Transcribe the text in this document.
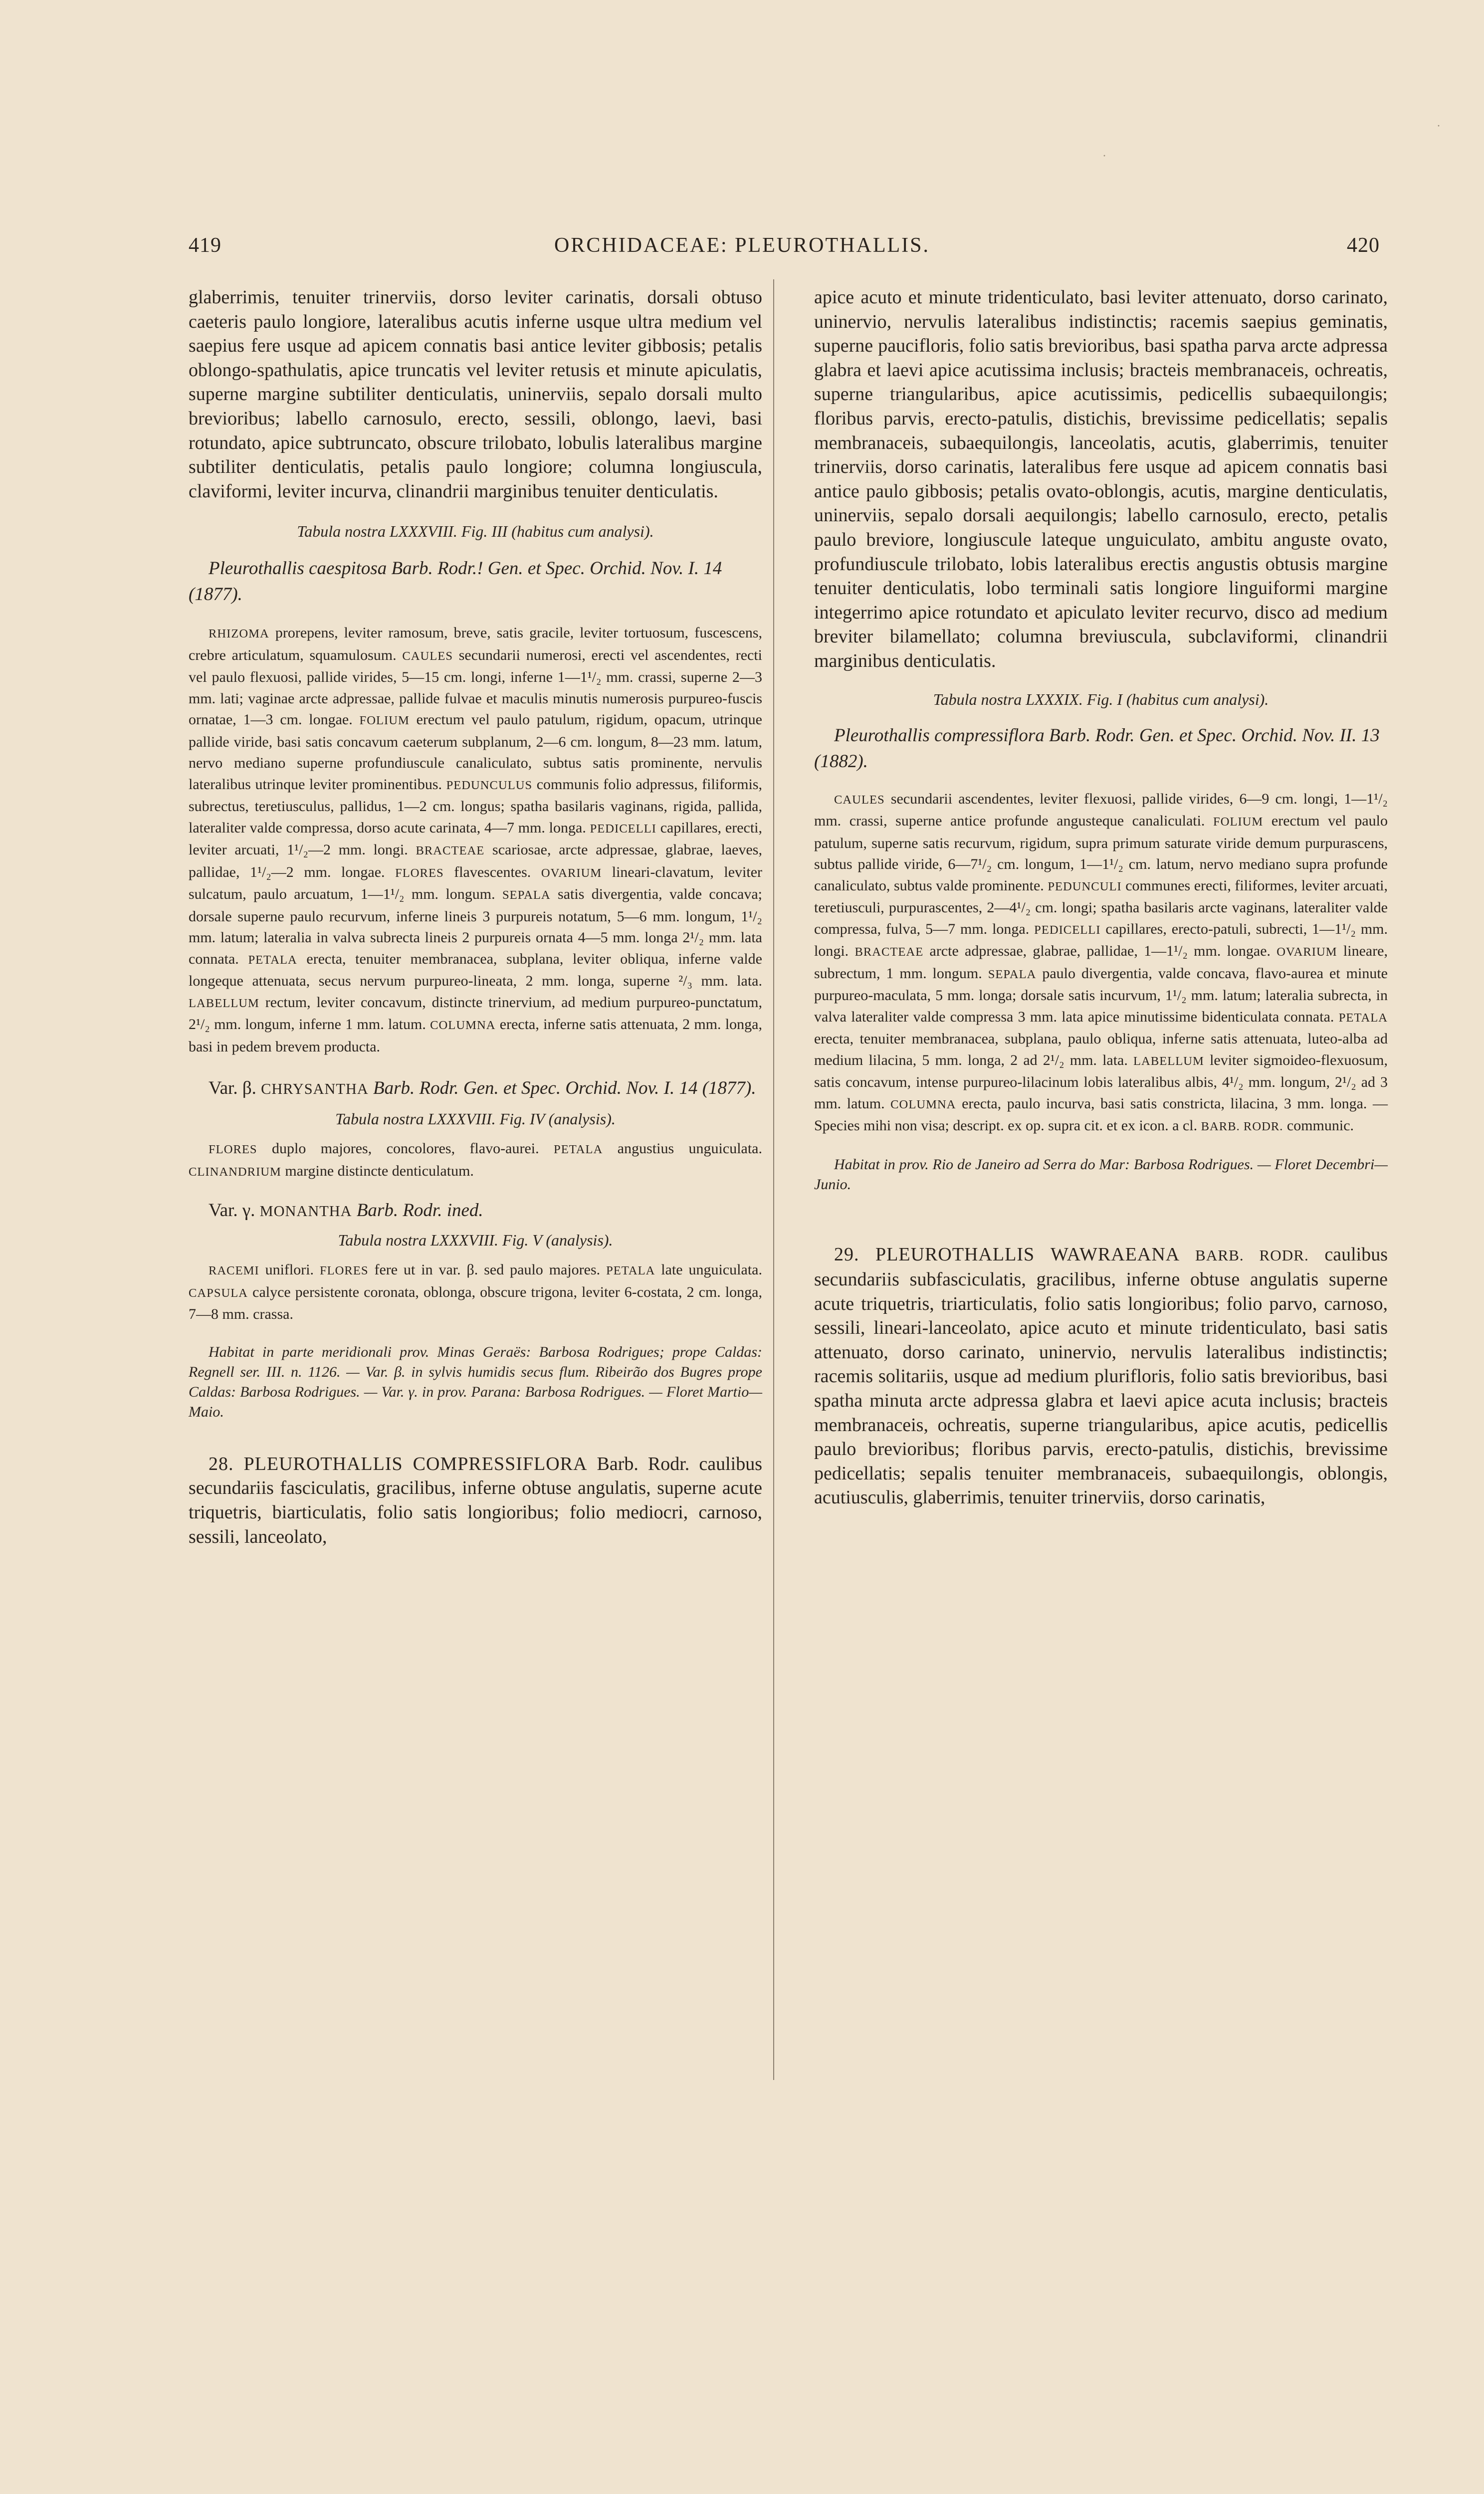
·
·
419	ORCHIDACEAE: PLEUROTHALLIS.	420

glaberrimis, tenuiter trinerviis, dorso leviter carinatis, dorsali obtuso caeteris paulo longiore, lateralibus acutis inferne usque ultra medium vel saepius fere usque ad apicem connatis basi antice leviter gibbosis; petalis oblongo-spathulatis, apice truncatis vel leviter retusis et minute apiculatis, superne margine subtiliter denticulatis, uninerviis, sepalo dorsali multo brevioribus; labello carnosulo, erecto, sessili, oblongo, laevi, basi rotundato, apice subtruncato, obscure trilobato, lobulis lateralibus margine subtiliter denticulatis, petalis paulo longiore; columna longiuscula, claviformi, leviter incurva, clinandrii marginibus tenuiter denticulatis.

Tabula nostra LXXXVIII. Fig. III (habitus cum analysi).

Pleurothallis caespitosa Barb. Rodr.! Gen. et Spec. Orchid. Nov. I. 14 (1877).

RHIZOMA prorepens, leviter ramosum, breve, satis gracile, leviter tortuosum, fuscescens, crebre articulatum, squamulosum. CAULES secundarii numerosi, erecti vel ascendentes, recti vel paulo flexuosi, pallide virides, 5—15 cm. longi, inferne 1—1¹/₂ mm. crassi, superne 2—3 mm. lati; vaginae arcte adpressae, pallide fulvae et maculis minutis numerosis purpureo-fuscis ornatae, 1—3 cm. longae. FOLIUM erectum vel paulo patulum, rigidum, opacum, utrinque pallide viride, basi satis concavum caeterum subplanum, 2—6 cm. longum, 8—23 mm. latum, nervo mediano superne profundiuscule canaliculato, subtus satis prominente, nervulis lateralibus utrinque leviter prominentibus. PEDUNCULUS communis folio adpressus, filiformis, subrectus, teretiusculus, pallidus, 1—2 cm. longus; spatha basilaris vaginans, rigida, pallida, lateraliter valde compressa, dorso acute carinata, 4—7 mm. longa. PEDICELLI capillares, erecti, leviter arcuati, 1¹/₂—2 mm. longi. BRACTEAE scariosae, arcte adpressae, glabrae, laeves, pallidae, 1¹/₂—2 mm. longae. FLORES flavescentes. OVARIUM lineari-clavatum, leviter sulcatum, paulo arcuatum, 1—1¹/₂ mm. longum. SEPALA satis divergentia, valde concava; dorsale superne paulo recurvum, inferne lineis 3 purpureis notatum, 5—6 mm. longum, 1¹/₂ mm. latum; lateralia in valva subrecta lineis 2 purpureis ornata 4—5 mm. longa 2¹/₂ mm. lata connata. PETALA erecta, tenuiter membranacea, subplana, leviter obliqua, inferne valde longeque attenuata, secus nervum purpureo-lineata, 2 mm. longa, superne ²/₃ mm. lata. LABELLUM rectum, leviter concavum, distincte trinervium, ad medium purpureo-punctatum, 2¹/₂ mm. longum, inferne 1 mm. latum. COLUMNA erecta, inferne satis attenuata, 2 mm. longa, basi in pedem brevem producta.

Var. β. CHRYSANTHA Barb. Rodr. Gen. et Spec. Orchid. Nov. I. 14 (1877).

Tabula nostra LXXXVIII. Fig. IV (analysis).

FLORES duplo majores, concolores, flavo-aurei. PETALA angustius unguiculata. CLINANDRIUM margine distincte denticulatum.

Var. γ. MONANTHA Barb. Rodr. ined.

Tabula nostra LXXXVIII. Fig. V (analysis).

RACEMI uniflori. FLORES fere ut in var. β. sed paulo majores. PETALA late unguiculata. CAPSULA calyce persistente coronata, oblonga, obscure trigona, leviter 6-costata, 2 cm. longa, 7—8 mm. crassa.

Habitat in parte meridionali prov. Minas Geraës: Barbosa Rodrigues; prope Caldas: Regnell ser. III. n. 1126. — Var. β. in sylvis humidis secus flum. Ribeirão dos Bugres prope Caldas: Barbosa Rodrigues. — Var. γ. in prov. Parana: Barbosa Rodrigues. — Floret Martio—Maio.

28. PLEUROTHALLIS COMPRESSIFLORA Barb. Rodr. caulibus secundariis fasciculatis, gracilibus, inferne obtuse angulatis, superne acute triquetris, biarticulatis, folio satis longioribus; folio mediocri, carnoso, sessili, lanceolato,

apice acuto et minute tridenticulato, basi leviter attenuato, dorso carinato, uninervio, nervulis lateralibus indistinctis; racemis saepius geminatis, superne paucifloris, folio satis brevioribus, basi spatha parva arcte adpressa glabra et laevi apice acutissima inclusis; bracteis membranaceis, ochreatis, superne triangularibus, apice acutissimis, pedicellis subaequilongis; floribus parvis, erecto-patulis, distichis, brevissime pedicellatis; sepalis membranaceis, subaequilongis, lanceolatis, acutis, glaberrimis, tenuiter trinerviis, dorso carinatis, lateralibus fere usque ad apicem connatis basi antice paulo gibbosis; petalis ovato-oblongis, acutis, margine denticulatis, uninerviis, sepalo dorsali aequilongis; labello carnosulo, erecto, petalis paulo breviore, longiuscule lateque unguiculato, ambitu anguste ovato, profundiuscule trilobato, lobis lateralibus erectis angustis obtusis margine tenuiter denticulatis, lobo terminali satis longiore linguiformi margine integerrimo apice rotundato et apiculato leviter recurvo, disco ad medium breviter bilamellato; columna breviuscula, subclaviformi, clinandrii marginibus denticulatis.

Tabula nostra LXXXIX. Fig. I (habitus cum analysi).

Pleurothallis compressiflora Barb. Rodr. Gen. et Spec. Orchid. Nov. II. 13 (1882).

CAULES secundarii ascendentes, leviter flexuosi, pallide virides, 6—9 cm. longi, 1—1¹/₂ mm. crassi, superne antice profunde angusteque canaliculati. FOLIUM erectum vel paulo patulum, superne satis recurvum, rigidum, supra primum saturate viride demum purpurascens, subtus pallide viride, 6—7¹/₂ cm. longum, 1—1¹/₂ cm. latum, nervo mediano supra profunde canaliculato, subtus valde prominente. PEDUNCULI communes erecti, filiformes, leviter arcuati, teretiusculi, purpurascentes, 2—4¹/₂ cm. longi; spatha basilaris arcte vaginans, lateraliter valde compressa, fulva, 5—7 mm. longa. PEDICELLI capillares, erecto-patuli, subrecti, 1—1¹/₂ mm. longi. BRACTEAE arcte adpressae, glabrae, pallidae, 1—1¹/₂ mm. longae. OVARIUM lineare, subrectum, 1 mm. longum. SEPALA paulo divergentia, valde concava, flavo-aurea et minute purpureo-maculata, 5 mm. longa; dorsale satis incurvum, 1¹/₂ mm. latum; lateralia subrecta, in valva lateraliter valde compressa 3 mm. lata apice minutissime bidenticulata connata. PETALA erecta, tenuiter membranacea, subplana, paulo obliqua, inferne satis attenuata, luteo-alba ad medium lilacina, 5 mm. longa, 2 ad 2¹/₂ mm. lata. LABELLUM leviter sigmoideo-flexuosum, satis concavum, intense purpureo-lilacinum lobis lateralibus albis, 4¹/₂ mm. longum, 2¹/₂ ad 3 mm. latum. COLUMNA erecta, paulo incurva, basi satis constricta, lilacina, 3 mm. longa. — Species mihi non visa; descript. ex op. supra cit. et ex icon. a cl. BARB. RODR. communic.

Habitat in prov. Rio de Janeiro ad Serra do Mar: Barbosa Rodrigues. — Floret Decembri—Junio.

29. PLEUROTHALLIS WAWRAEANA BARB. RODR. caulibus secundariis subfasciculatis, gracilibus, inferne obtuse angulatis superne acute triquetris, triarticulatis, folio satis longioribus; folio parvo, carnoso, sessili, lineari-lanceolato, apice acuto et minute tridenticulato, basi satis attenuato, dorso carinato, uninervio, nervulis lateralibus indistinctis; racemis solitariis, usque ad medium plurifloris, folio satis brevioribus, basi spatha minuta arcte adpressa glabra et laevi apice acuta inclusis; bracteis membranaceis, ochreatis, superne triangularibus, apice acutis, pedicellis paulo brevioribus; floribus parvis, erecto-patulis, distichis, brevissime pedicellatis; sepalis tenuiter membranaceis, subaequilongis, oblongis, acutiusculis, glaberrimis, tenuiter trinerviis, dorso carinatis,
